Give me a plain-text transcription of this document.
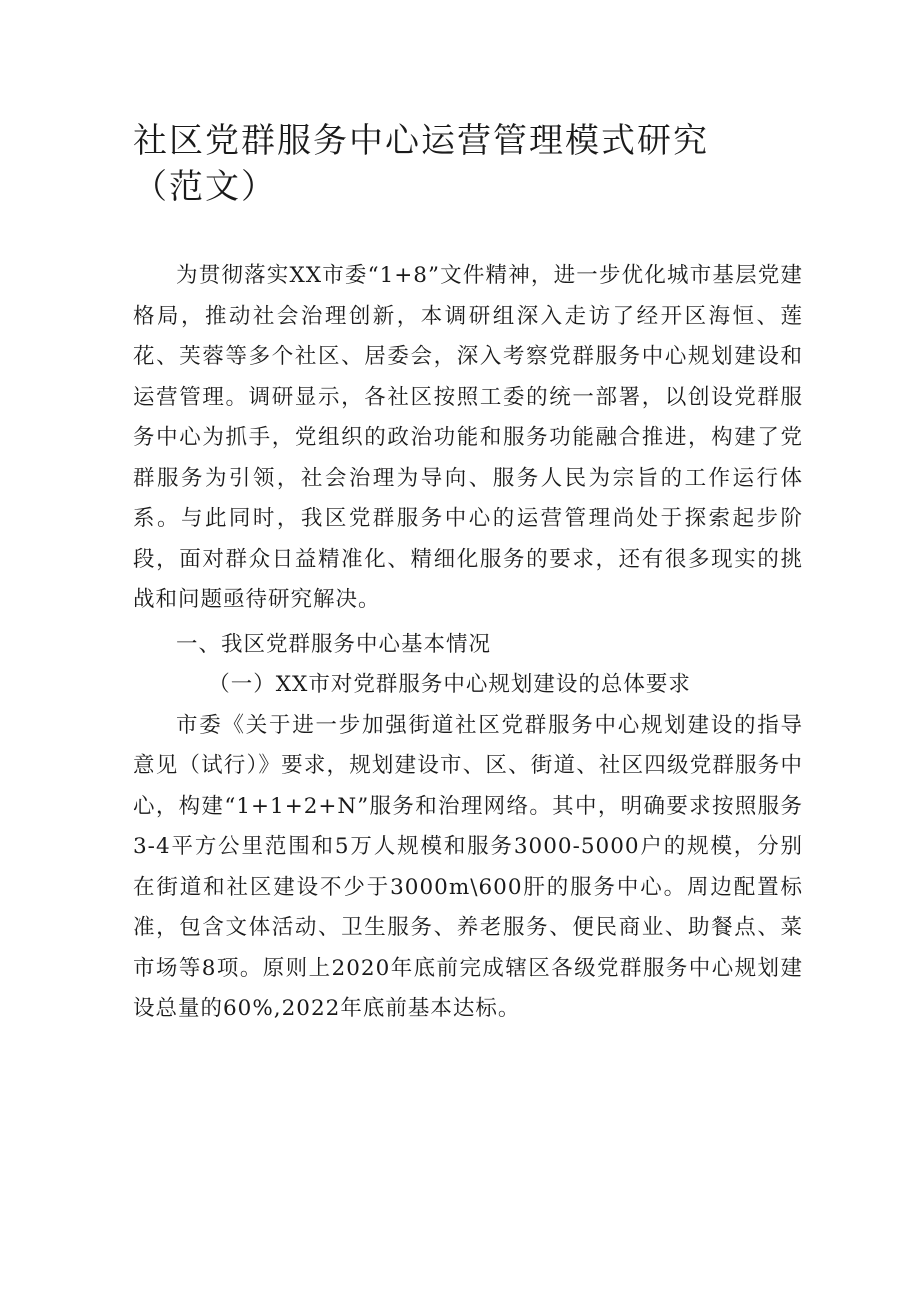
社区党群服务中心运营管理模式研究（范文）

为贯彻落实XX市委“1+8”文件精神，进一步优化城市基层党建格局，推动社会治理创新，本调研组深入走访了经开区海恒、莲花、芙蓉等多个社区、居委会，深入考察党群服务中心规划建设和运营管理。调研显示，各社区按照工委的统一部署，以创设党群服务中心为抓手，党组织的政治功能和服务功能融合推进，构建了党群服务为引领，社会治理为导向、服务人民为宗旨的工作运行体系。与此同时，我区党群服务中心的运营管理尚处于探索起步阶段，面对群众日益精准化、精细化服务的要求，还有很多现实的挑战和问题亟待研究解决。

一、我区党群服务中心基本情况

（一）XX市对党群服务中心规划建设的总体要求

市委《关于进一步加强街道社区党群服务中心规划建设的指导意见（试行）》要求，规划建设市、区、街道、社区四级党群服务中心，构建“1+1+2+N”服务和治理网络。其中，明确要求按照服务3-4平方公里范围和5万人规模和服务3000-5000户的规模，分别在街道和社区建设不少于3000m\600肝的服务中心。周边配置标准，包含文体活动、卫生服务、养老服务、便民商业、助餐点、菜市场等8项。原则上2020年底前完成辖区各级党群服务中心规划建设总量的60%,2022年底前基本达标。
